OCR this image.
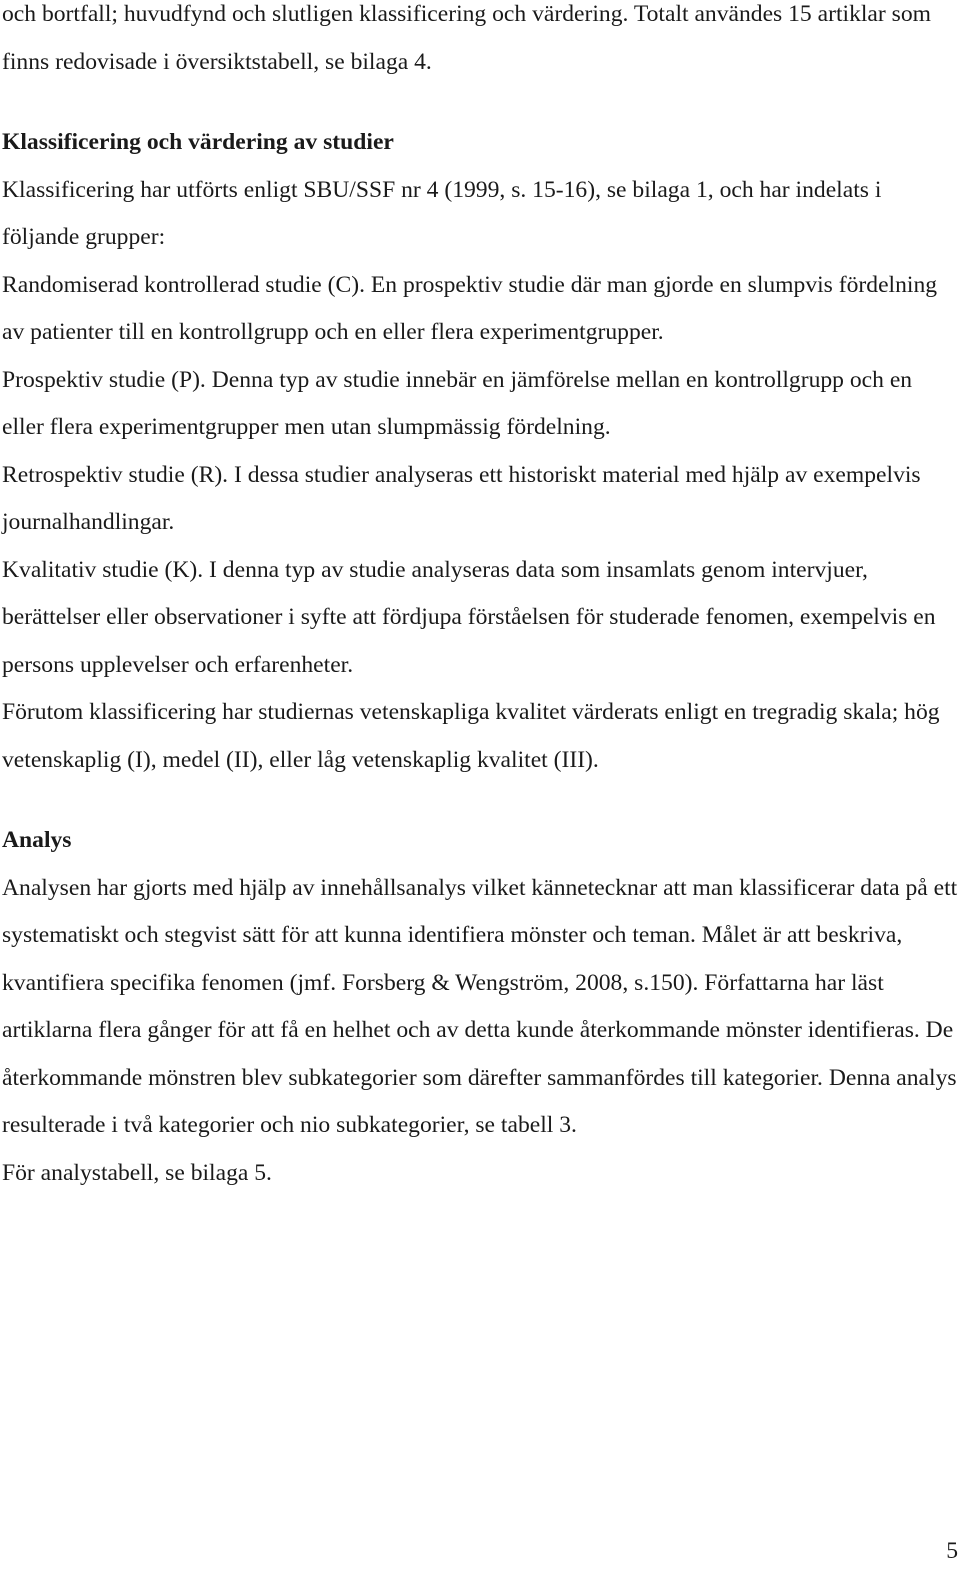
och bortfall; huvudfynd och slutligen klassificering och värdering. Totalt användes 15 artiklar som finns redovisade i översiktstabell, se bilaga 4.

Klassificering och värdering av studier

Klassificering har utförts enligt SBU/SSF nr 4 (1999, s. 15-16), se bilaga 1, och har indelats i följande grupper:

Randomiserad kontrollerad studie (C). En prospektiv studie där man gjorde en slumpvis fördelning av patienter till en kontrollgrupp och en eller flera experimentgrupper.

Prospektiv studie (P). Denna typ av studie innebär en jämförelse mellan en kontrollgrupp och en eller flera experimentgrupper men utan slumpmässig fördelning.

Retrospektiv studie (R). I dessa studier analyseras ett historiskt material med hjälp av exempelvis journalhandlingar.

Kvalitativ studie (K). I denna typ av studie analyseras data som insamlats genom intervjuer, berättelser eller observationer i syfte att fördjupa förståelsen för studerade fenomen, exempelvis en persons upplevelser och erfarenheter.

Förutom klassificering har studiernas vetenskapliga kvalitet värderats enligt en tregradig skala; hög vetenskaplig (I), medel (II), eller låg vetenskaplig kvalitet (III).

Analys

Analysen har gjorts med hjälp av innehållsanalys vilket kännetecknar att man klassificerar data på ett systematiskt och stegvist sätt för att kunna identifiera mönster och teman. Målet är att beskriva, kvantifiera specifika fenomen (jmf. Forsberg & Wengström, 2008, s.150). Författarna har läst artiklarna flera gånger för att få en helhet och av detta kunde återkommande mönster identifieras. De återkommande mönstren blev subkategorier som därefter sammanfördes till kategorier. Denna analys resulterade i två kategorier och nio subkategorier, se tabell 3.

För analystabell, se bilaga 5.

5
